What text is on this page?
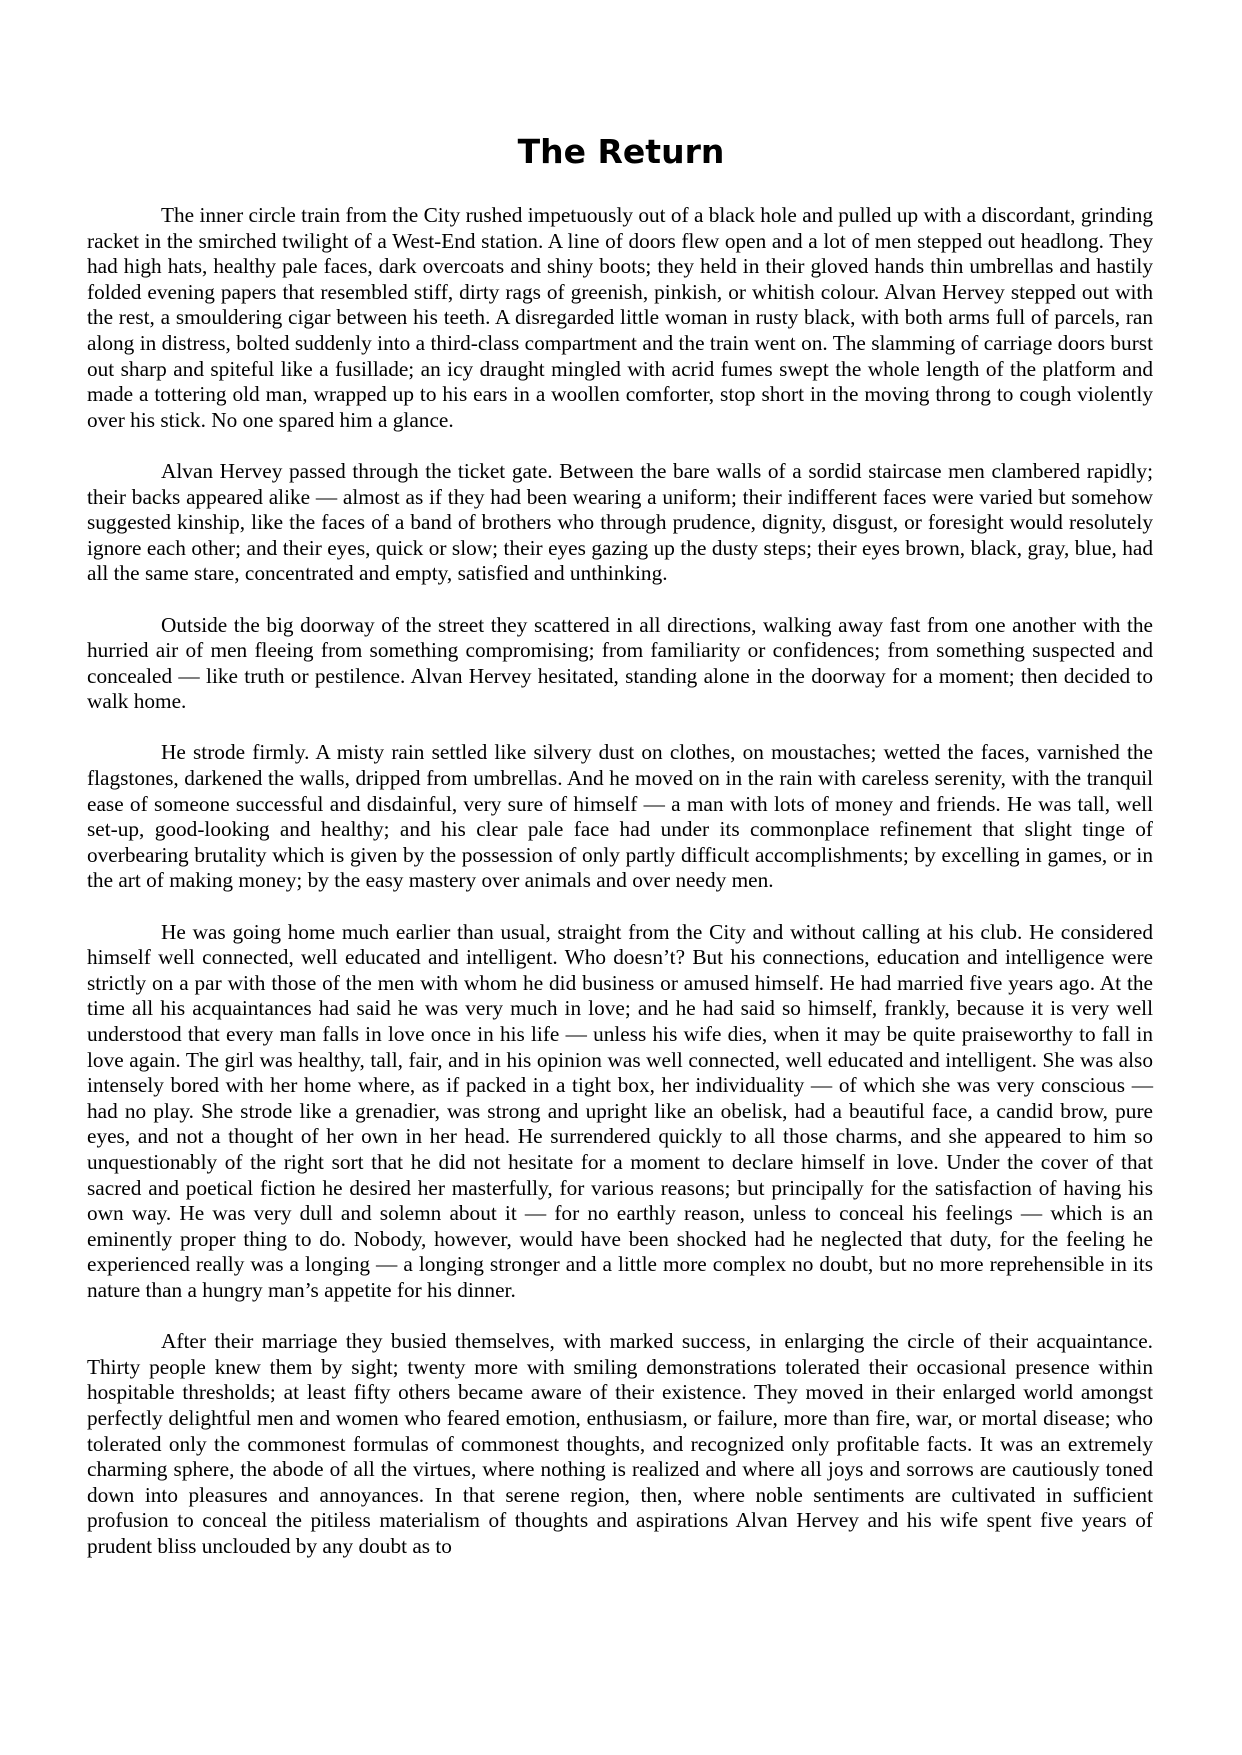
The Return

The inner circle train from the City rushed impetuously out of a black hole and pulled up with a discordant, grinding racket in the smirched twilight of a West-End station. A line of doors flew open and a lot of men stepped out headlong. They had high hats, healthy pale faces, dark overcoats and shiny boots; they held in their gloved hands thin umbrellas and hastily folded evening papers that resembled stiff, dirty rags of greenish, pinkish, or whitish colour. Alvan Hervey stepped out with the rest, a smouldering cigar between his teeth. A disregarded little woman in rusty black, with both arms full of parcels, ran along in distress, bolted suddenly into a third-class compartment and the train went on. The slamming of carriage doors burst out sharp and spiteful like a fusillade; an icy draught mingled with acrid fumes swept the whole length of the platform and made a tottering old man, wrapped up to his ears in a woollen comforter, stop short in the moving throng to cough violently over his stick. No one spared him a glance.

Alvan Hervey passed through the ticket gate. Between the bare walls of a sordid staircase men clambered rapidly; their backs appeared alike — almost as if they had been wearing a uniform; their indifferent faces were varied but somehow suggested kinship, like the faces of a band of brothers who through prudence, dignity, disgust, or foresight would resolutely ignore each other; and their eyes, quick or slow; their eyes gazing up the dusty steps; their eyes brown, black, gray, blue, had all the same stare, concentrated and empty, satisfied and unthinking.

Outside the big doorway of the street they scattered in all directions, walking away fast from one another with the hurried air of men fleeing from something compromising; from familiarity or confidences; from something suspected and concealed — like truth or pestilence. Alvan Hervey hesitated, standing alone in the doorway for a moment; then decided to walk home.

He strode firmly. A misty rain settled like silvery dust on clothes, on moustaches; wetted the faces, varnished the flagstones, darkened the walls, dripped from umbrellas. And he moved on in the rain with careless serenity, with the tranquil ease of someone successful and disdainful, very sure of himself — a man with lots of money and friends. He was tall, well set-up, good-looking and healthy; and his clear pale face had under its commonplace refinement that slight tinge of overbearing brutality which is given by the possession of only partly difficult accomplishments; by excelling in games, or in the art of making money; by the easy mastery over animals and over needy men.

He was going home much earlier than usual, straight from the City and without calling at his club. He considered himself well connected, well educated and intelligent. Who doesn’t? But his connections, education and intelligence were strictly on a par with those of the men with whom he did business or amused himself. He had married five years ago. At the time all his acquaintances had said he was very much in love; and he had said so himself, frankly, because it is very well understood that every man falls in love once in his life — unless his wife dies, when it may be quite praiseworthy to fall in love again. The girl was healthy, tall, fair, and in his opinion was well connected, well educated and intelligent. She was also intensely bored with her home where, as if packed in a tight box, her individuality — of which she was very conscious — had no play. She strode like a grenadier, was strong and upright like an obelisk, had a beautiful face, a candid brow, pure eyes, and not a thought of her own in her head. He surrendered quickly to all those charms, and she appeared to him so unquestionably of the right sort that he did not hesitate for a moment to declare himself in love. Under the cover of that sacred and poetical fiction he desired her masterfully, for various reasons; but principally for the satisfaction of having his own way. He was very dull and solemn about it — for no earthly reason, unless to conceal his feelings — which is an eminently proper thing to do. Nobody, however, would have been shocked had he neglected that duty, for the feeling he experienced really was a longing — a longing stronger and a little more complex no doubt, but no more reprehensible in its nature than a hungry man’s appetite for his dinner.

After their marriage they busied themselves, with marked success, in enlarging the circle of their acquaintance. Thirty people knew them by sight; twenty more with smiling demonstrations tolerated their occasional presence within hospitable thresholds; at least fifty others became aware of their existence. They moved in their enlarged world amongst perfectly delightful men and women who feared emotion, enthusiasm, or failure, more than fire, war, or mortal disease; who tolerated only the commonest formulas of commonest thoughts, and recognized only profitable facts. It was an extremely charming sphere, the abode of all the virtues, where nothing is realized and where all joys and sorrows are cautiously toned down into pleasures and annoyances. In that serene region, then, where noble sentiments are cultivated in sufficient profusion to conceal the pitiless materialism of thoughts and aspirations Alvan Hervey and his wife spent five years of prudent bliss unclouded by any doubt as to
